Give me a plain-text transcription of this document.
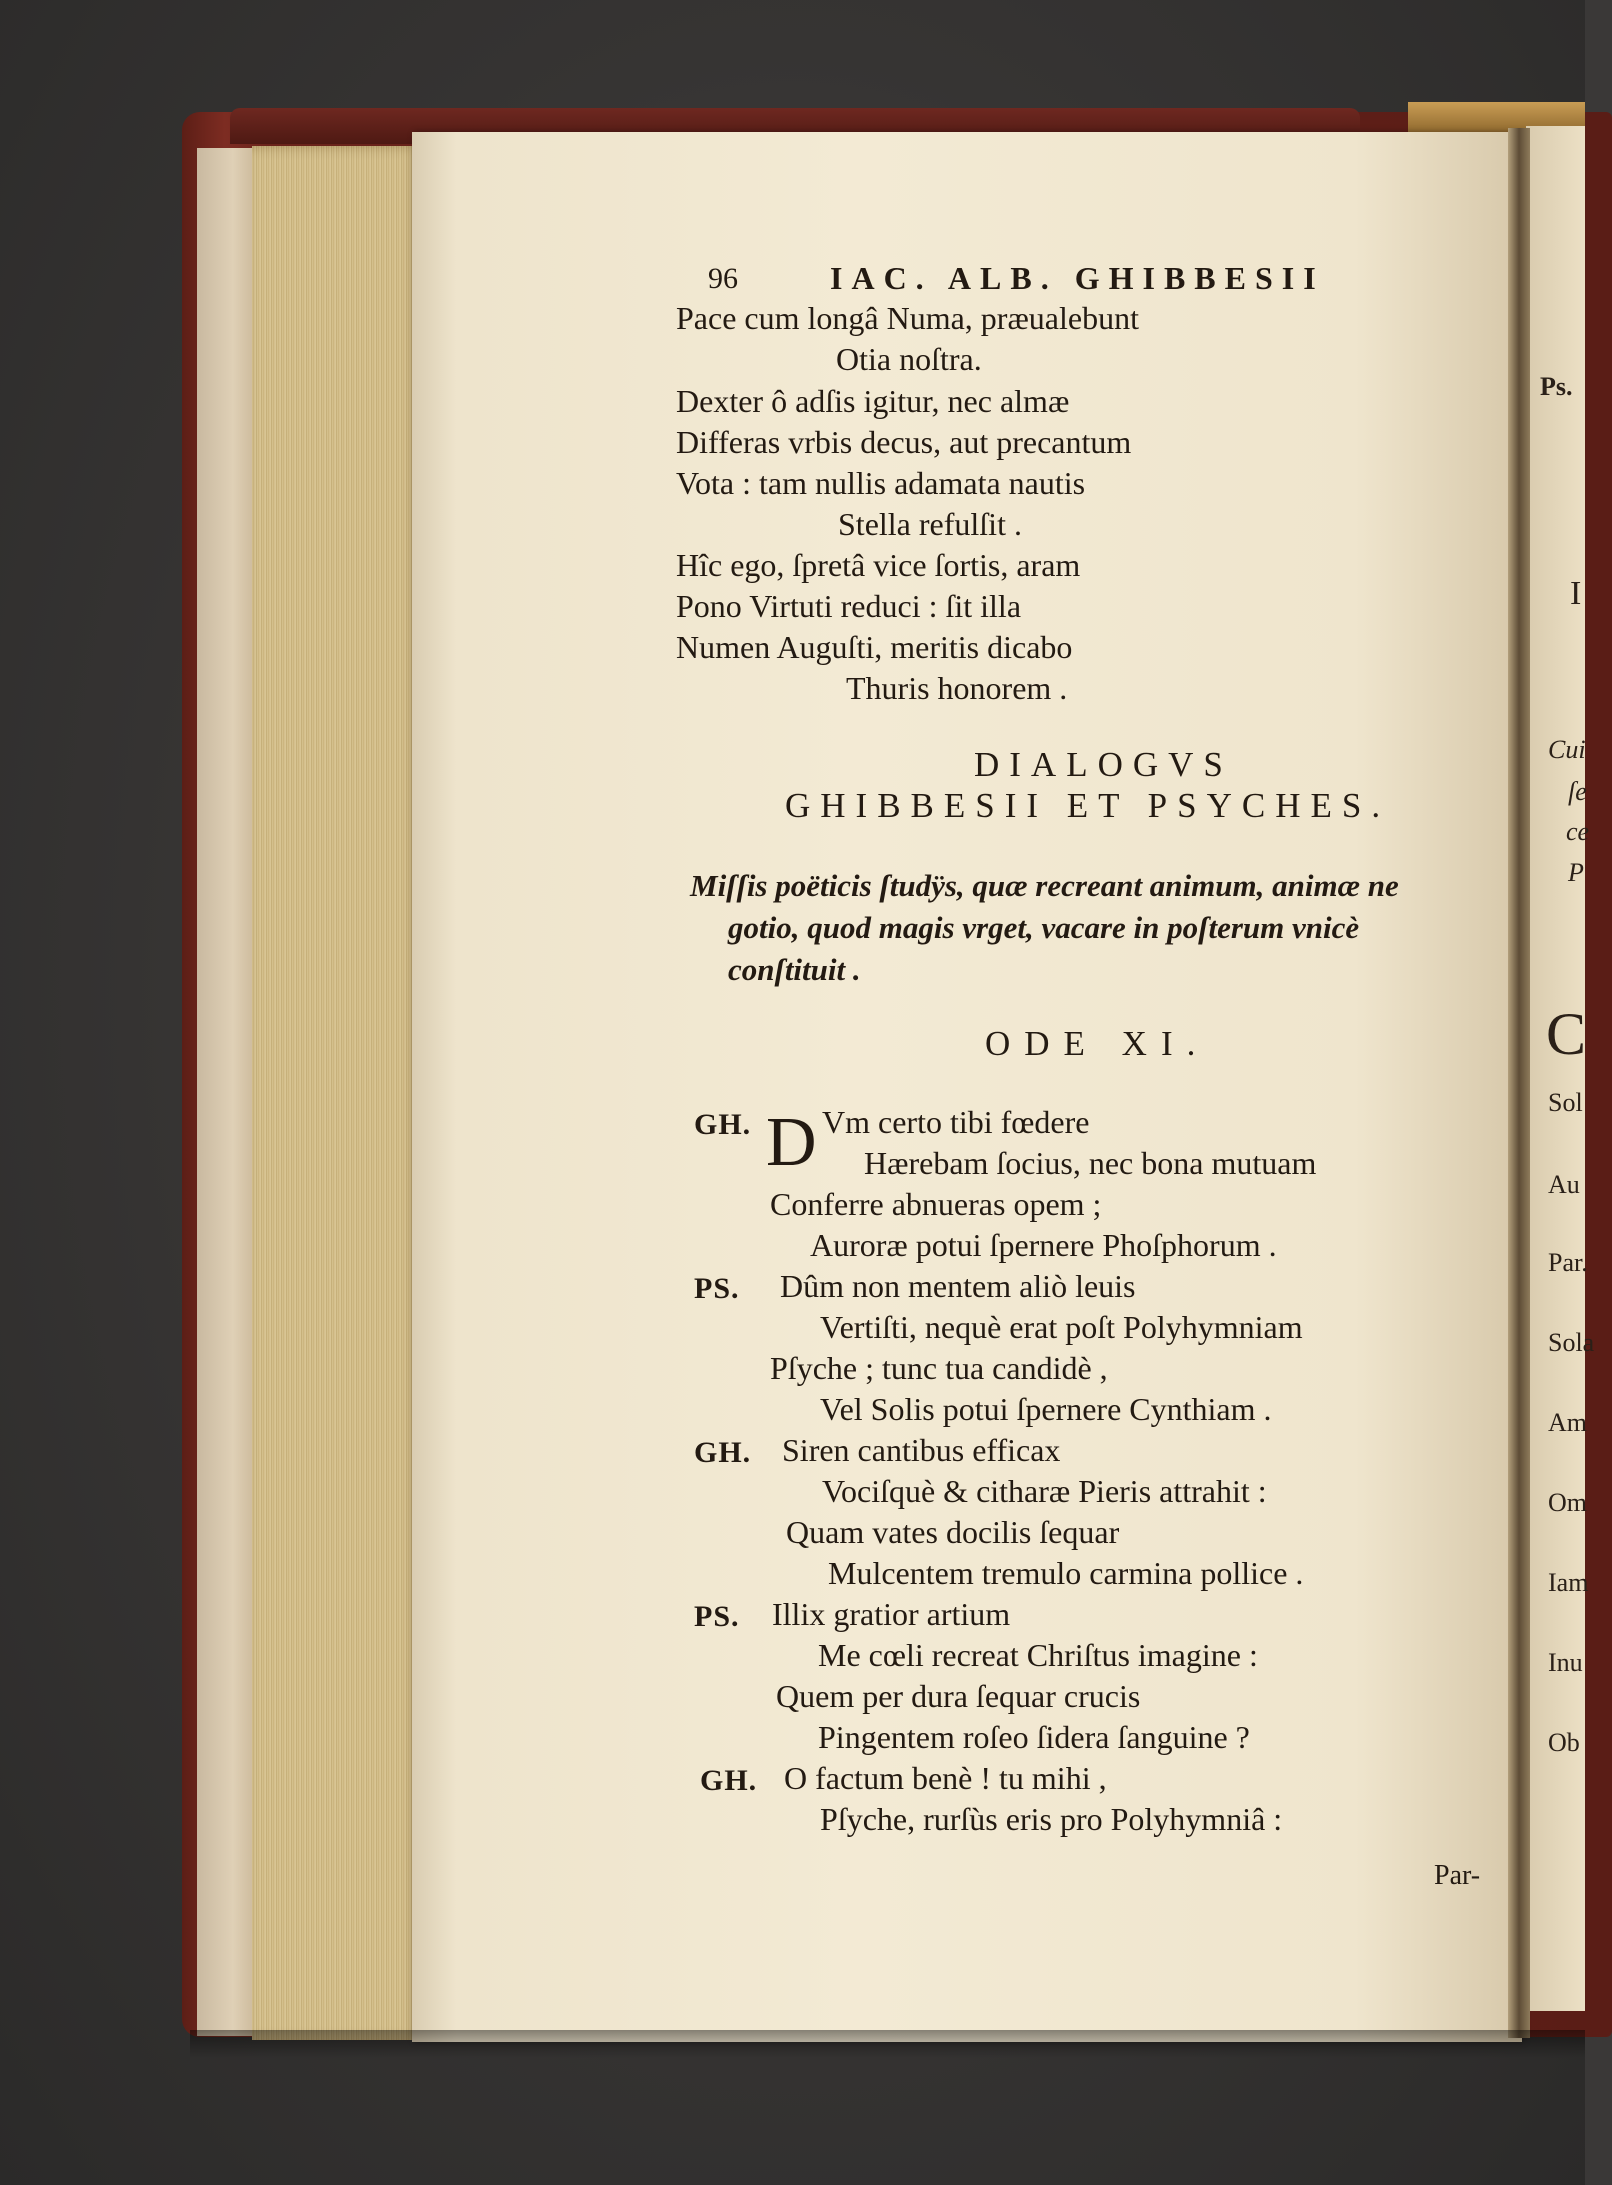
96	IAC. ALB. GHIBBESII
Pace cum longâ Numa, præualebunt
Otia noſtra.
Dexter ô adſis igitur, nec almæ
Differas vrbis decus, aut precantum
Vota : tam nullis adamata nautis
Stella refulſit .
Hîc ego, ſpretâ vice ſortis, aram
Pono Virtuti reduci : ſit illa
Numen Auguſti, meritis dicabo
Thuris honorem .
DIALOGVS
GHIBBESII ET PSYCHES.
Miſſis poëticis ſtudÿs, quæ recreant animum, animæ ne
gotio, quod magis vrget, vacare in poſterum vnicè
conſtituit .
ODE XI.
D
GH. Vm certo tibi fœdere
Hærebam ſocius, nec bona mutuam
Conferre abnueras opem ;
Auroræ potui ſpernere Phoſphorum .
PS. Dûm non mentem aliò leuis
Vertiſti, nequè erat poſt Polyhymniam
Pſyche ; tunc tua candidè ,
Vel Solis potui ſpernere Cynthiam .
GH. Siren cantibus efficax
Vociſquè & citharæ Pieris attrahit :
Quam vates docilis ſequar
Mulcentem tremulo carmina pollice .
PS. Illix gratior artium
Me cœli recreat Chriſtus imagine :
Quem per dura ſequar crucis
Pingentem roſeo ſidera ſanguine ?
GH. O factum benè ! tu mihi ,
Pſyche, rurſùs eris pro Polyhymniâ :
Par-
Ps.
I
Cui
ſe
ce
P
C
Sol
Au
Par.
Sola
Am
Om
Iam
Inu
Ob
